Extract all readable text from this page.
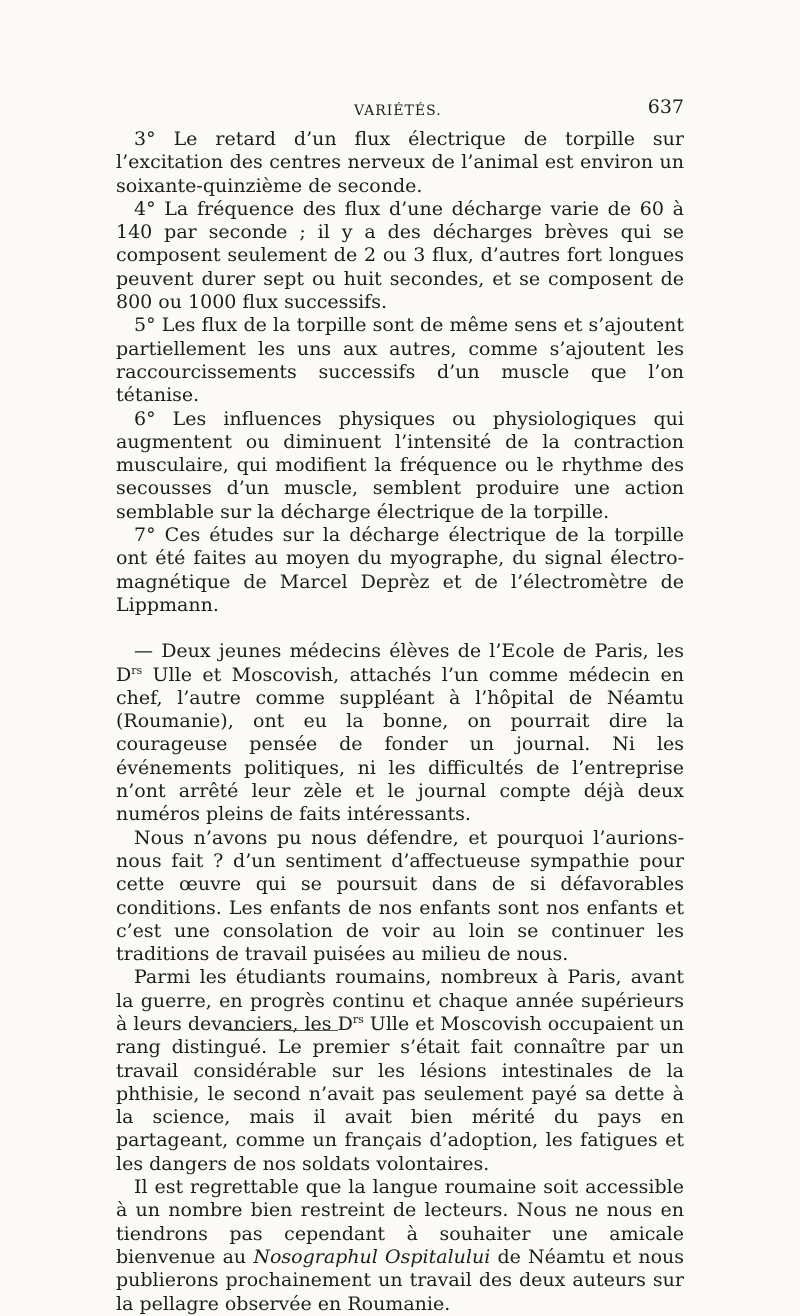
VARIÉTÉS.	637

3° Le retard d’un flux électrique de torpille sur l’excitation des centres nerveux de l’animal est environ un soixante-quinzième de seconde.

4° La fréquence des flux d’une décharge varie de 60 à 140 par seconde ; il y a des décharges brèves qui se composent seulement de 2 ou 3 flux, d’autres fort longues peuvent durer sept ou huit secondes, et se composent de 800 ou 1000 flux successifs.

5° Les flux de la torpille sont de même sens et s’ajoutent partiellement les uns aux autres, comme s’ajoutent les raccourcissements successifs d’un muscle que l’on tétanise.

6° Les influences physiques ou physiologiques qui augmentent ou diminuent l’intensité de la contraction musculaire, qui modifient la fréquence ou le rhythme des secousses d’un muscle, semblent produire une action semblable sur la décharge électrique de la torpille.

7° Ces études sur la décharge électrique de la torpille ont été faites au moyen du myographe, du signal électro-magnétique de Marcel Deprèz et de l’électromètre de Lippmann.

— Deux jeunes médecins élèves de l’Ecole de Paris, les $D^{rs}$ Ulle et Moscovish, attachés l’un comme médecin en chef, l’autre comme suppléant à l’hôpital de Néamtu (Roumanie), ont eu la bonne, on pourrait dire la courageuse pensée de fonder un journal. Ni les événements politiques, ni les difficultés de l’entreprise n’ont arrêté leur zèle et le journal compte déjà deux numéros pleins de faits intéressants.

Nous n’avons pu nous défendre, et pourquoi l’aurions-nous fait ? d’un sentiment d’affectueuse sympathie pour cette œuvre qui se poursuit dans de si défavorables conditions. Les enfants de nos enfants sont nos enfants et c’est une consolation de voir au loin se continuer les traditions de travail puisées au milieu de nous.

Parmi les étudiants roumains, nombreux à Paris, avant la guerre, en progrès continu et chaque année supérieurs à leurs devanciers, les $D^{rs}$ Ulle et Moscovish occupaient un rang distingué. Le premier s’était fait connaître par un travail considérable sur les lésions intestinales de la phthisie, le second n’avait pas seulement payé sa dette à la science, mais il avait bien mérité du pays en partageant, comme un français d’adoption, les fatigues et les dangers de nos soldats volontaires.

Il est regrettable que la langue roumaine soit accessible à un nombre bien restreint de lecteurs. Nous ne nous en tiendrons pas cependant à souhaiter une amicale bienvenue au Nosographul Ospitalului de Néamtu et nous publierons prochainement un travail des deux auteurs sur la pellagre observée en Roumanie.
